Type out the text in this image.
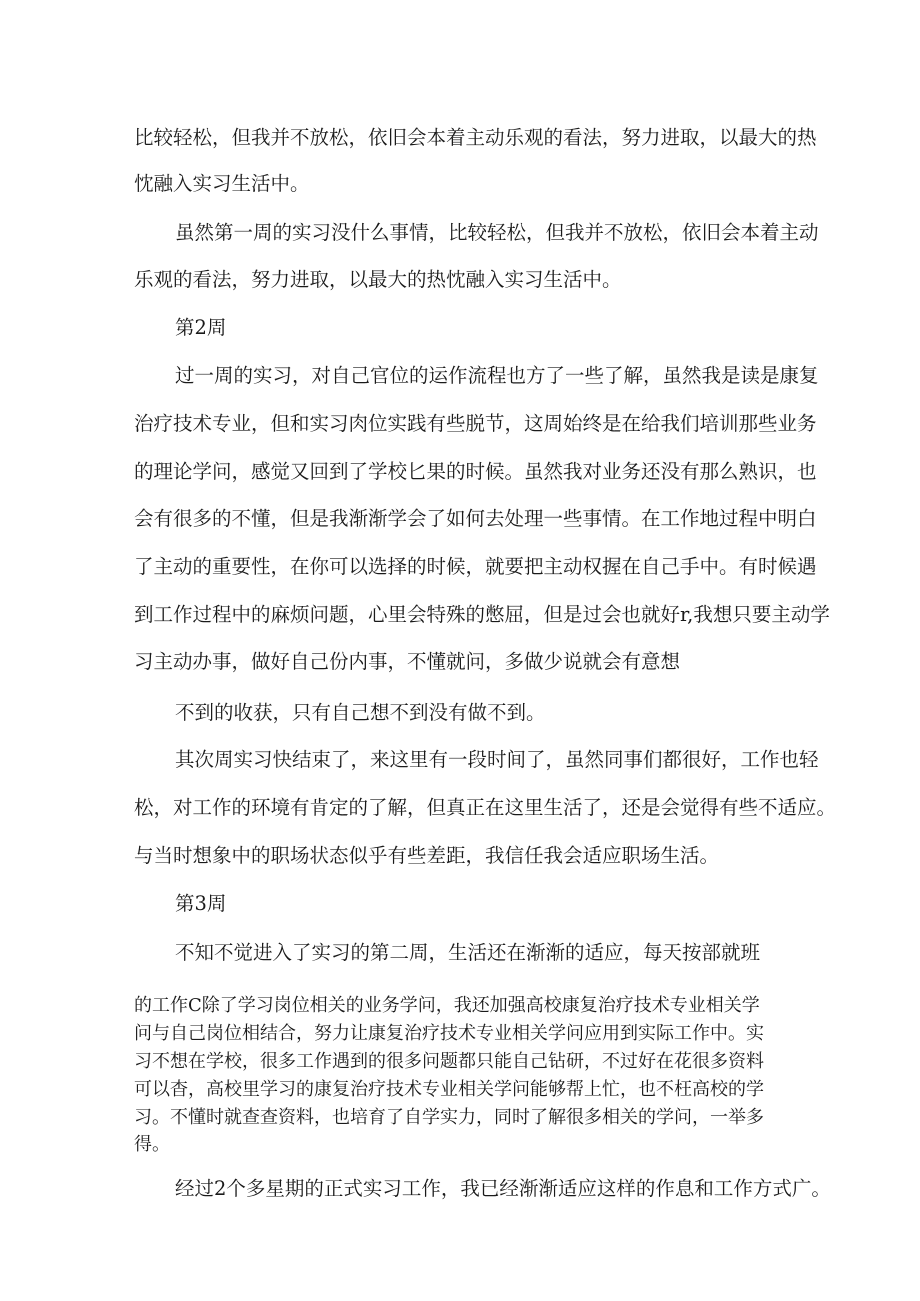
比较轻松，但我并不放松，依旧会本着主动乐观的看法，努力进取，以最大的热
忱融入实习生活中。
虽然第一周的实习没什么事情，比较轻松，但我并不放松，依旧会本着主动
乐观的看法，努力进取，以最大的热忱融入实习生活中。
第2周
过一周的实习，对自己官位的运作流程也方了一些了解，虽然我是读是康复
治疗技术专业，但和实习肉位实践有些脱节，这周始终是在给我们培训那些业务
的理论学问，感觉又回到了学校匕果的时候。虽然我对业务还没有那么熟识，也
会有很多的不懂，但是我渐渐学会了如何去处理一些事情。在工作地过程中明白
了主动的重要性，在你可以选择的时候，就要把主动权握在自己手中。有时候遇
到工作过程中的麻烦问题，心里会特殊的憋屈，但是过会也就好r,我想只要主动学
习主动办事，做好自己份内事，不懂就问，多做少说就会有意想
不到的收获，只有自己想不到没有做不到。
其次周实习快结束了，来这里有一段时间了，虽然同事们都很好，工作也轻
松，对工作的环境有肯定的了解，但真正在这里生活了，还是会觉得有些不适应。
与当时想象中的职场状态似乎有些差距，我信任我会适应职场生活。
第3周
不知不觉进入了实习的第二周，生活还在渐渐的适应，每天按部就班
的工作C除了学习岗位相关的业务学问，我还加强高校康复治疗技术专业相关学
问与自己岗位相结合，努力让康复治疗技术专业相关学问应用到实际工作中。实
习不想在学校，很多工作遇到的很多问题都只能自己钻研，不过好在花很多资料
可以杳，高校里学习的康复治疗技术专业相关学问能够帮上忙，也不枉高校的学
习。不懂时就查查资料，也培育了自学实力，同时了解很多相关的学问，一举多
得。
经过2个多星期的正式实习工作，我已经渐渐适应这样的作息和工作方式广。
